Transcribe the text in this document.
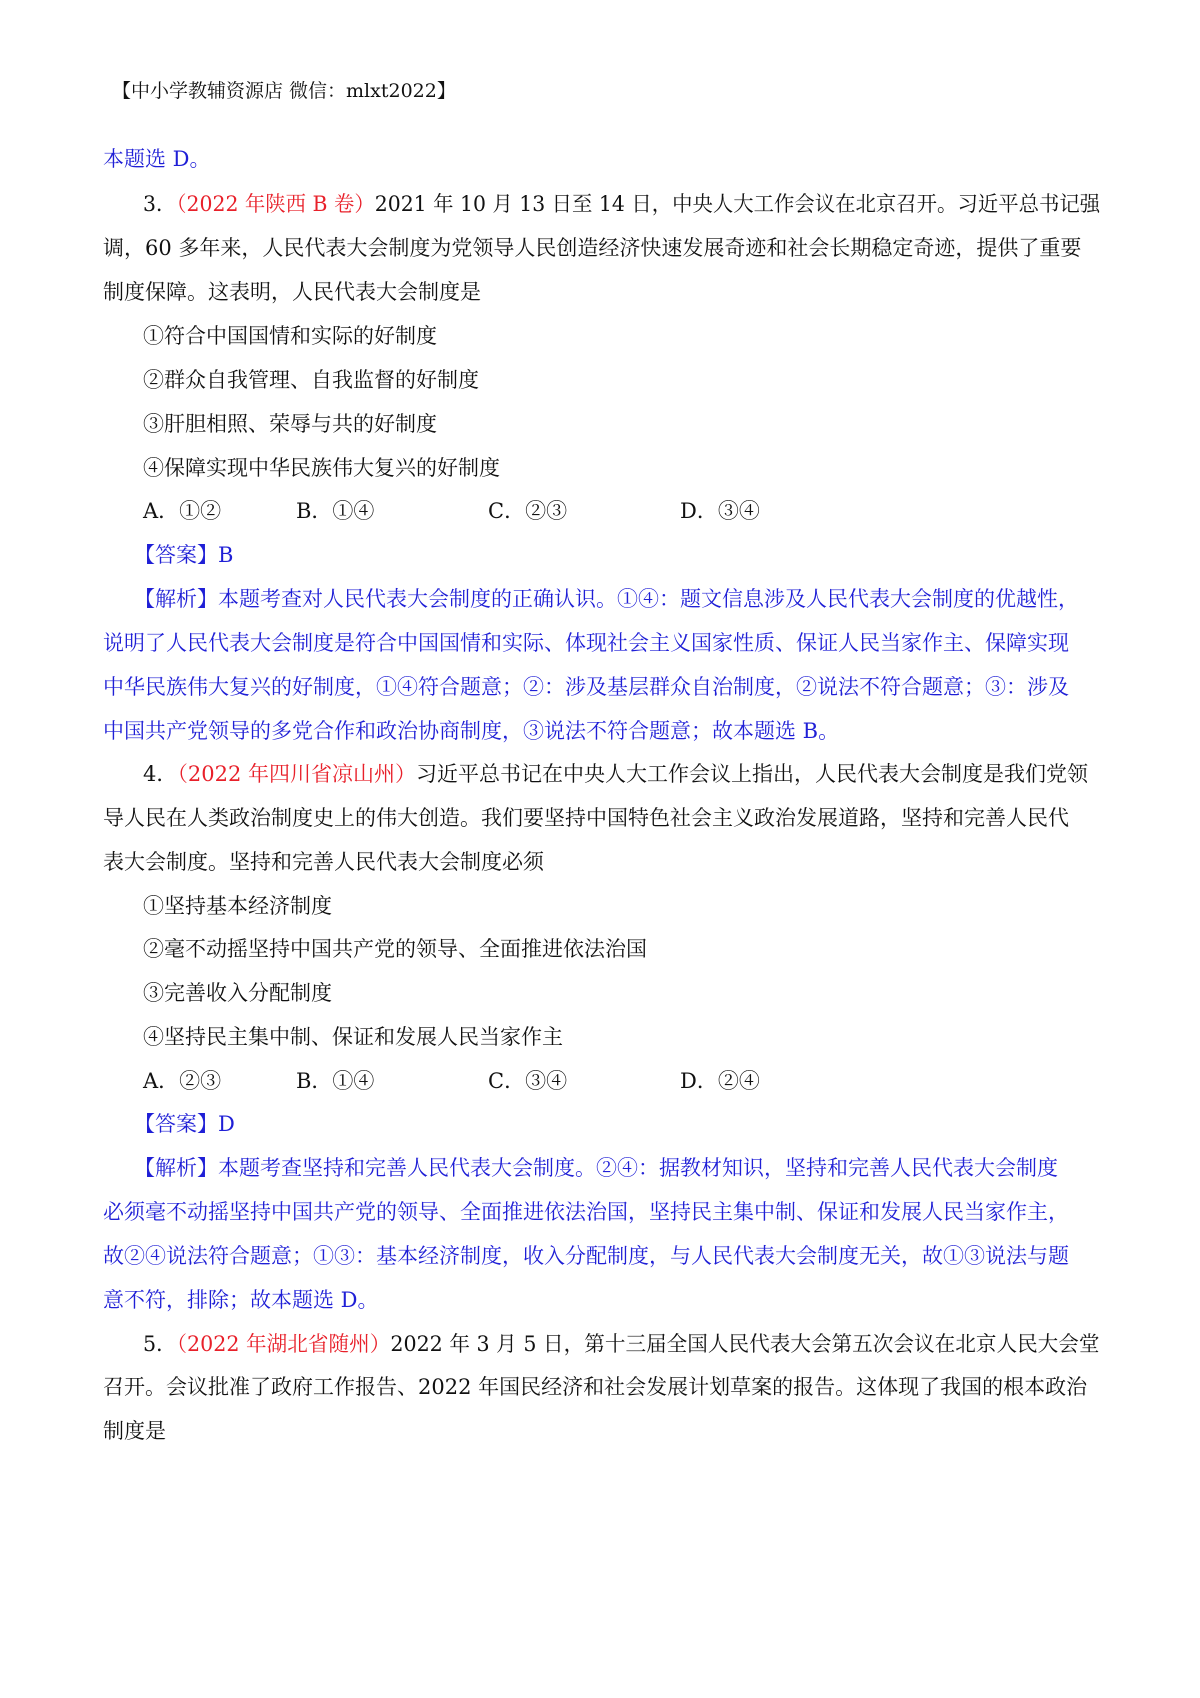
【中小学教辅资源店 微信：mlxt2022】
本题选 D。
3．（2022 年陕西 B 卷）2021 年 10 月 13 日至 14 日，中央人大工作会议在北京召开。习近平总书记强
调，60 多年来，人民代表大会制度为党领导人民创造经济快速发展奇迹和社会长期稳定奇迹，提供了重要
制度保障。这表明，人民代表大会制度是
①符合中国国情和实际的好制度
②群众自我管理、自我监督的好制度
③肝胆相照、荣辱与共的好制度
④保障实现中华民族伟大复兴的好制度
A．①②	B．①④	C．②③	D．③④
【答案】B
【解析】本题考查对人民代表大会制度的正确认识。①④：题文信息涉及人民代表大会制度的优越性，
说明了人民代表大会制度是符合中国国情和实际、体现社会主义国家性质、保证人民当家作主、保障实现
中华民族伟大复兴的好制度，①④符合题意；②：涉及基层群众自治制度，②说法不符合题意；③：涉及
中国共产党领导的多党合作和政治协商制度，③说法不符合题意；故本题选 B。
4．（2022 年四川省凉山州）习近平总书记在中央人大工作会议上指出，人民代表大会制度是我们党领
导人民在人类政治制度史上的伟大创造。我们要坚持中国特色社会主义政治发展道路，坚持和完善人民代
表大会制度。坚持和完善人民代表大会制度必须
①坚持基本经济制度
②毫不动摇坚持中国共产党的领导、全面推进依法治国
③完善收入分配制度
④坚持民主集中制、保证和发展人民当家作主
A．②③	B．①④	C．③④	D．②④
【答案】D
【解析】本题考查坚持和完善人民代表大会制度。②④：据教材知识，坚持和完善人民代表大会制度
必须毫不动摇坚持中国共产党的领导、全面推进依法治国，坚持民主集中制、保证和发展人民当家作主，
故②④说法符合题意；①③：基本经济制度，收入分配制度，与人民代表大会制度无关，故①③说法与题
意不符，排除；故本题选 D。
5．（2022 年湖北省随州）2022 年 3 月 5 日，第十三届全国人民代表大会第五次会议在北京人民大会堂
召开。会议批准了政府工作报告、2022 年国民经济和社会发展计划草案的报告。这体现了我国的根本政治
制度是
